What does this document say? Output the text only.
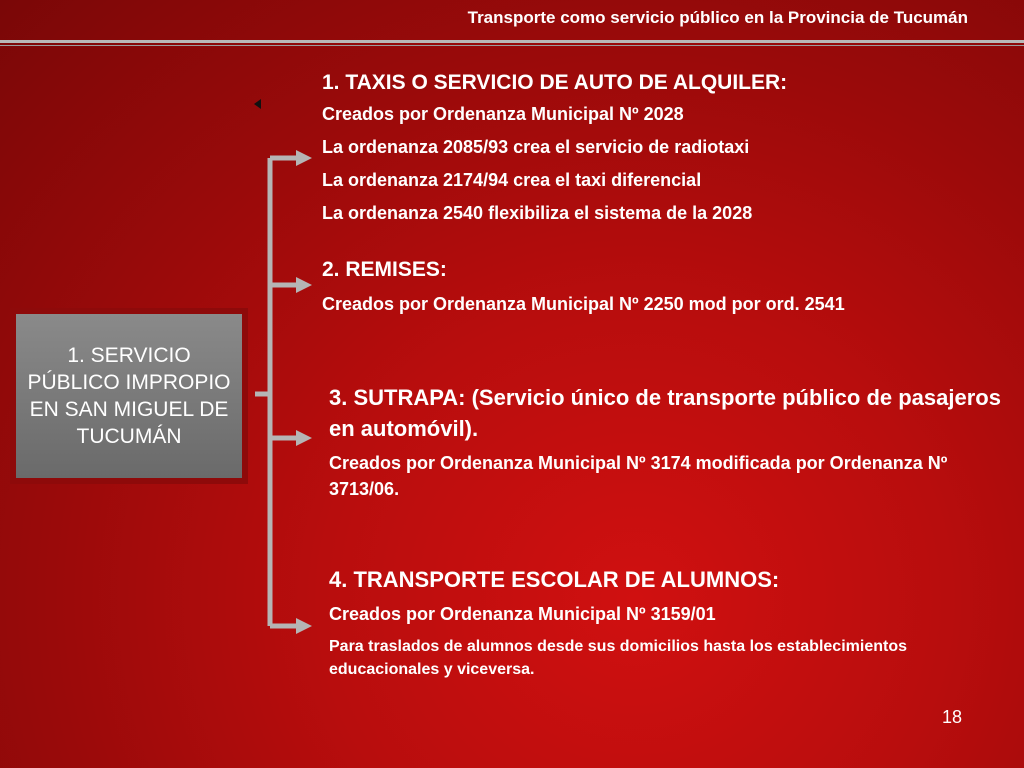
Transporte como servicio público en la Provincia de Tucumán
1. SERVICIO PÚBLICO IMPROPIO EN SAN MIGUEL DE TUCUMÁN
1. TAXIS O SERVICIO DE AUTO DE ALQUILER:
Creados por Ordenanza Municipal Nº 2028
La ordenanza 2085/93 crea el servicio de radiotaxi
La ordenanza 2174/94 crea el taxi diferencial
La ordenanza 2540 flexibiliza el sistema de la 2028
2. REMISES:
Creados por Ordenanza Municipal Nº 2250 mod por ord. 2541
3. SUTRAPA: (Servicio único de transporte público de pasajeros en automóvil).
Creados por Ordenanza Municipal Nº 3174 modificada por Ordenanza Nº 3713/06.
4. TRANSPORTE ESCOLAR DE ALUMNOS:
Creados por Ordenanza Municipal Nº 3159/01
Para traslados de alumnos desde sus domicilios hasta los establecimientos educacionales y viceversa.
18
